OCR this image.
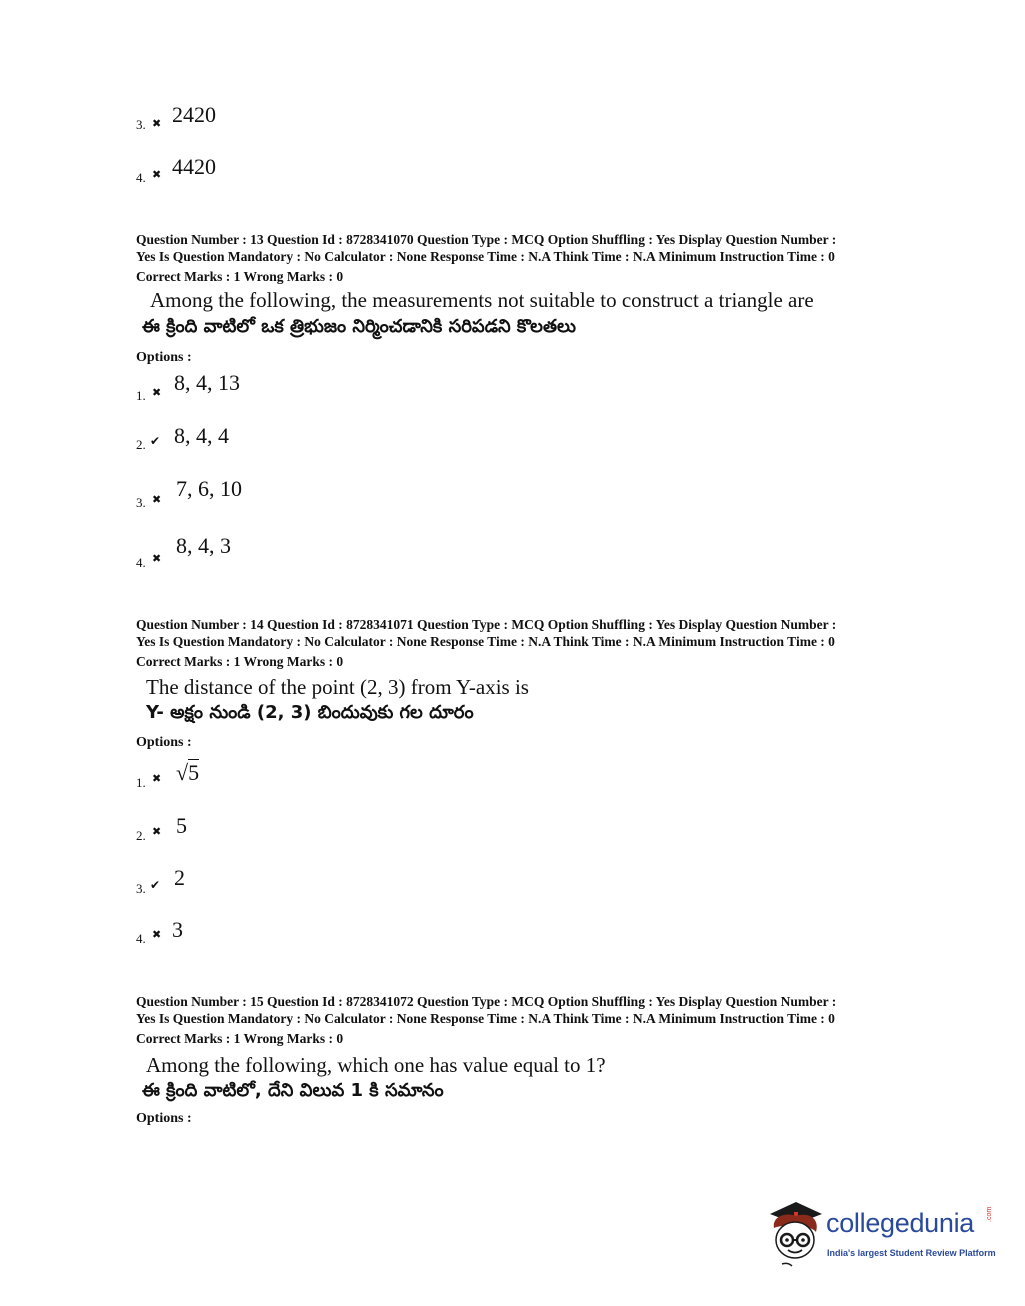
3. ✖ 2420
4. ✖ 4420
Question Number : 13 Question Id : 8728341070 Question Type : MCQ Option Shuffling : Yes Display Question Number :
Yes Is Question Mandatory : No Calculator : None Response Time : N.A Think Time : N.A Minimum Instruction Time : 0
Correct Marks : 1 Wrong Marks : 0
Among the following, the measurements not suitable to construct a triangle are
ఈ క్రింది వాటిలో ఒక త్రిభుజం నిర్మించడానికి సరిపడని కొలతలు
Options :
1. ✖ 8, 4, 13
2. ✔ 8, 4, 4
3. ✖ 7, 6, 10
4. ✖
8, 4, 3
Question Number : 14 Question Id : 8728341071 Question Type : MCQ Option Shuffling : Yes Display Question Number :
Yes Is Question Mandatory : No Calculator : None Response Time : N.A Think Time : N.A Minimum Instruction Time : 0
Correct Marks : 1 Wrong Marks : 0
The distance of the point (2, 3) from Y-axis is
Y- అక్షం నుండి (2, 3) బిందువుకు గల దూరం
Options :
1. ✖ √5
2. ✖ 5
3. ✔ 2
4. ✖ 3
Question Number : 15 Question Id : 8728341072 Question Type : MCQ Option Shuffling : Yes Display Question Number :
Yes Is Question Mandatory : No Calculator : None Response Time : N.A Think Time : N.A Minimum Instruction Time : 0
Correct Marks : 1 Wrong Marks : 0
Among the following, which one has value equal to 1?
ఈ క్రింది వాటిలో, దేని విలువ 1 కి సమానం
Options :
collegedunia .com
India's largest Student Review Platform
